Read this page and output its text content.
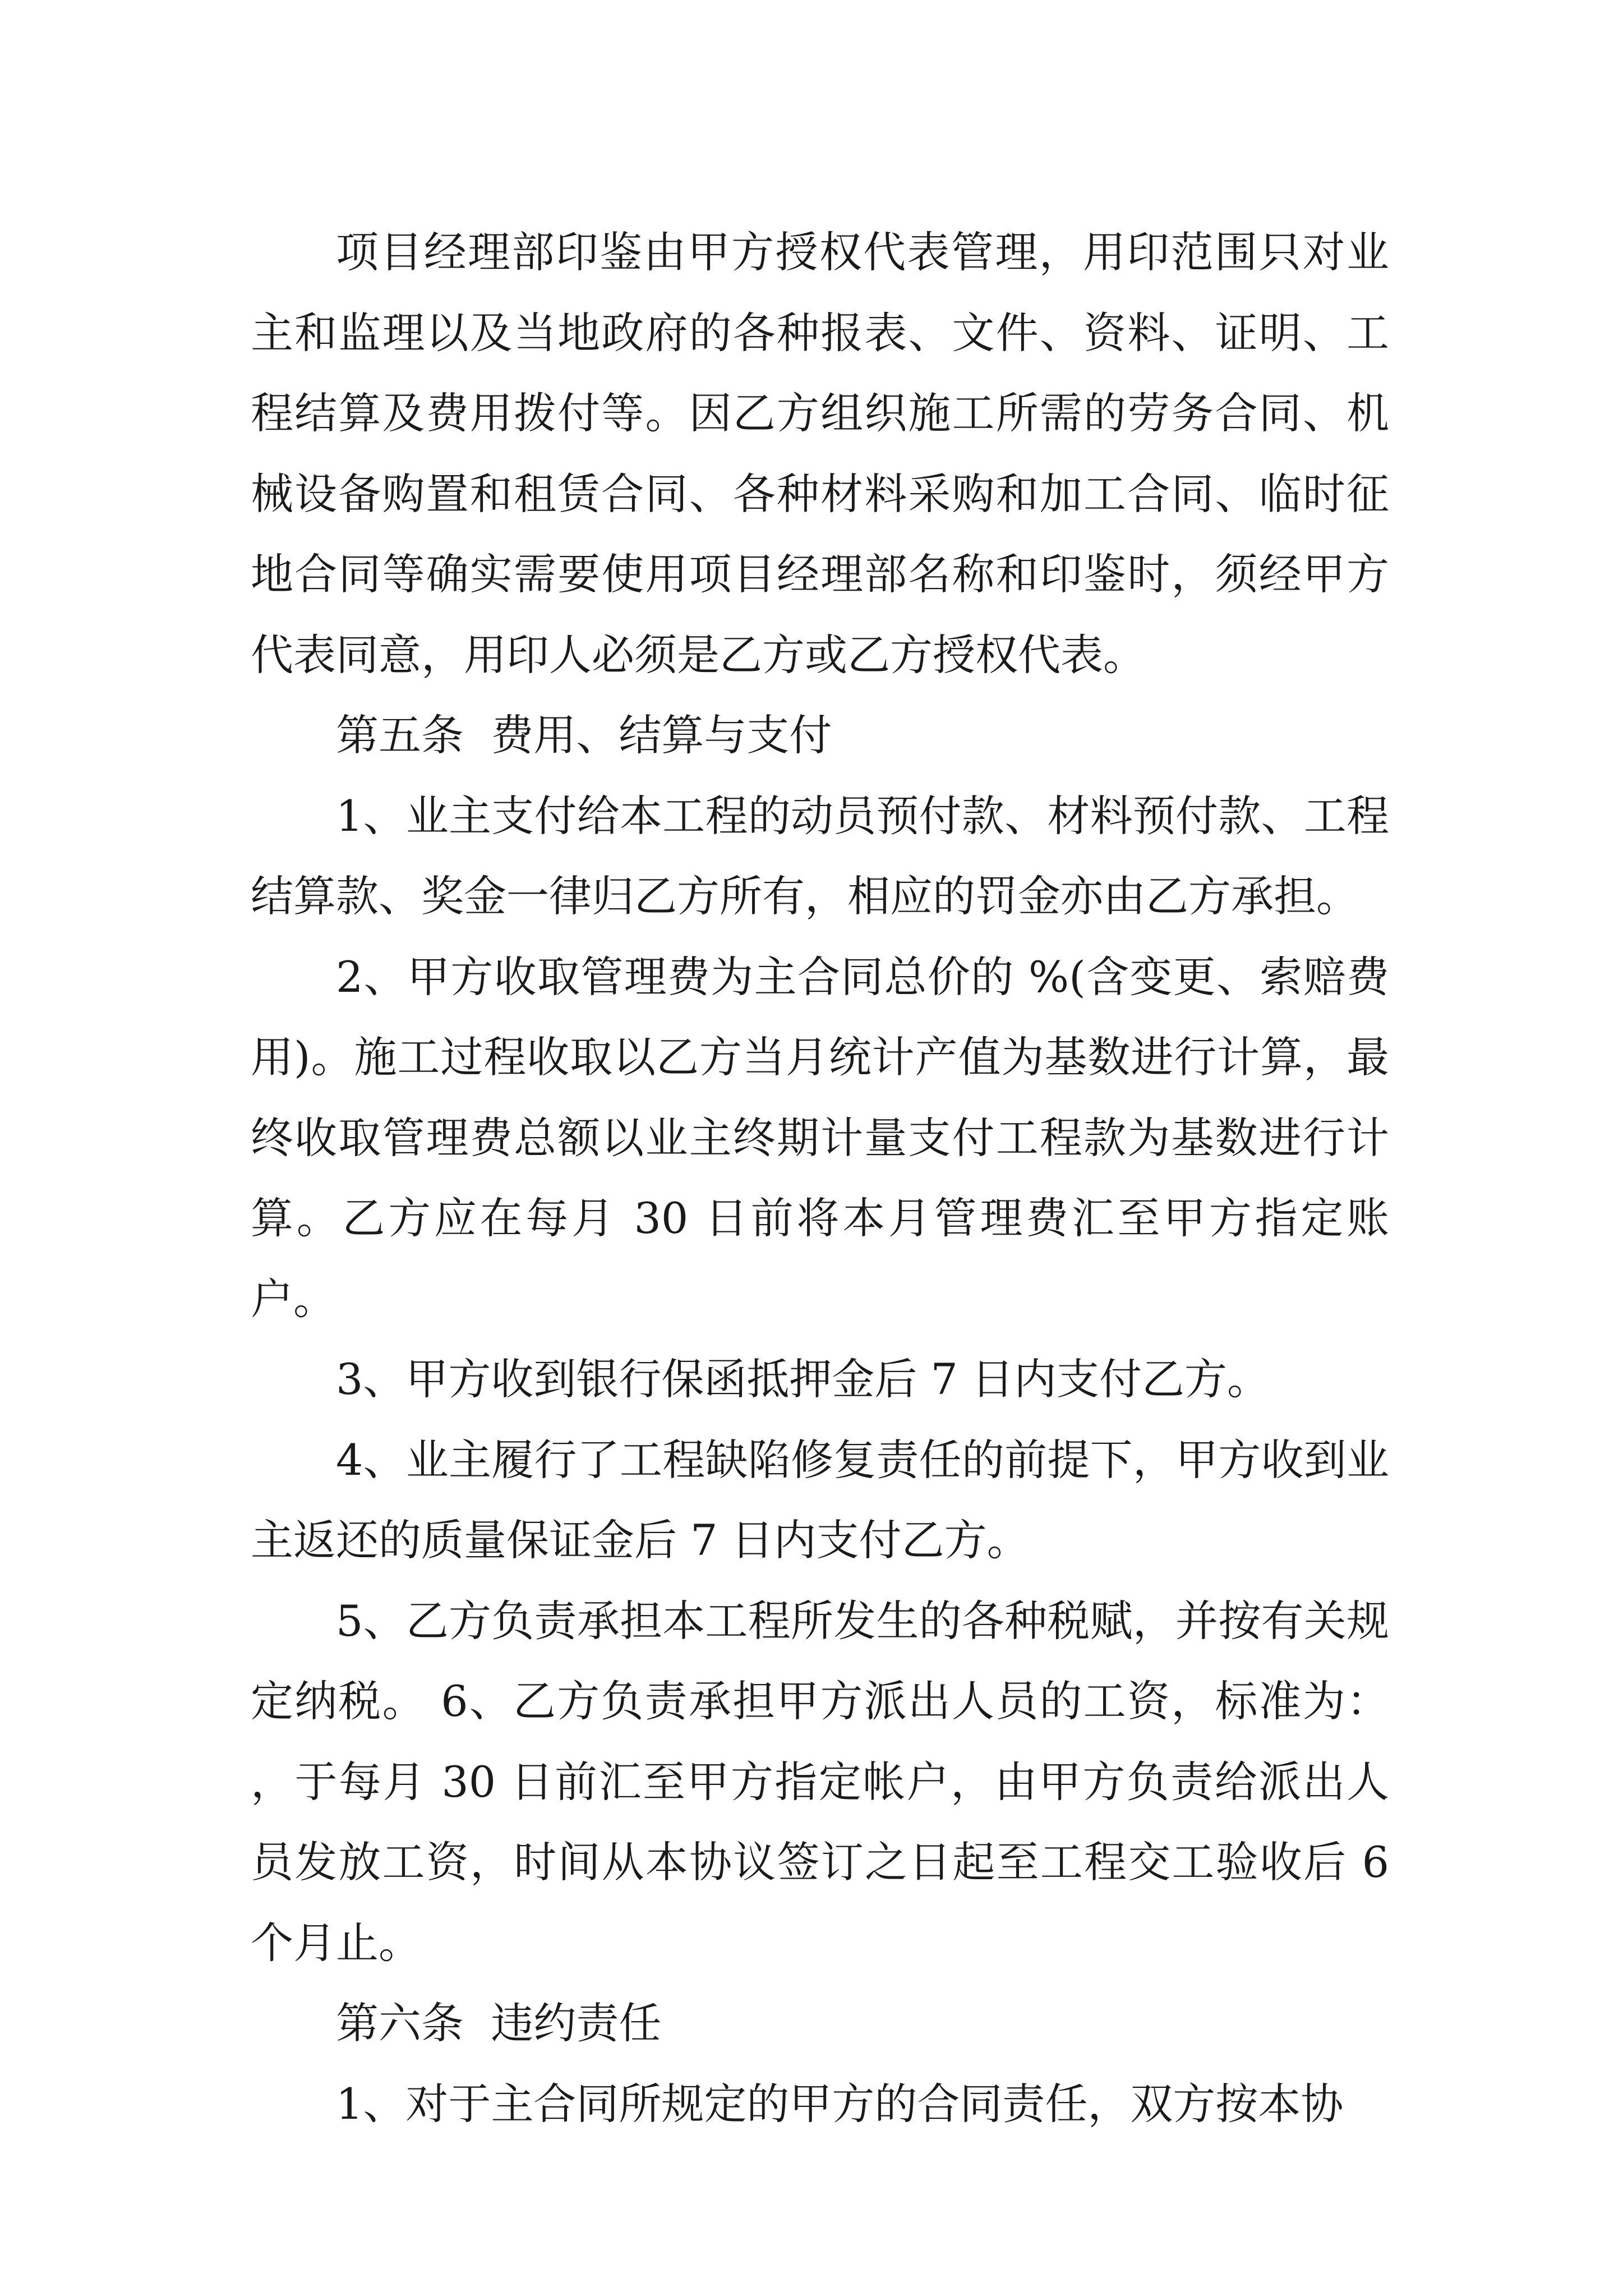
项目经理部印鉴由甲方授权代表管理，用印范围只对业主和监理以及当地政府的各种报表、文件、资料、证明、工程结算及费用拨付等。因乙方组织施工所需的劳务合同、机械设备购置和租赁合同、各种材料采购和加工合同、临时征地合同等确实需要使用项目经理部名称和印鉴时，须经甲方代表同意，用印人必须是乙方或乙方授权代表。

第五条  费用、结算与支付

1、业主支付给本工程的动员预付款、材料预付款、工程结算款、奖金一律归乙方所有，相应的罚金亦由乙方承担。

2、甲方收取管理费为主合同总价的 %(含变更、索赔费用)。施工过程收取以乙方当月统计产值为基数进行计算，最终收取管理费总额以业主终期计量支付工程款为基数进行计算。乙方应在每月 30 日前将本月管理费汇至甲方指定账户。

3、甲方收到银行保函抵押金后 7 日内支付乙方。

4、业主履行了工程缺陷修复责任的前提下，甲方收到业主返还的质量保证金后 7 日内支付乙方。

5、乙方负责承担本工程所发生的各种税赋，并按有关规定纳税。 6、乙方负责承担甲方派出人员的工资，标准为： ，于每月 30 日前汇至甲方指定帐户，由甲方负责给派出人员发放工资，时间从本协议签订之日起至工程交工验收后 6 个月止。

第六条  违约责任

1、对于主合同所规定的甲方的合同责任，双方按本协
